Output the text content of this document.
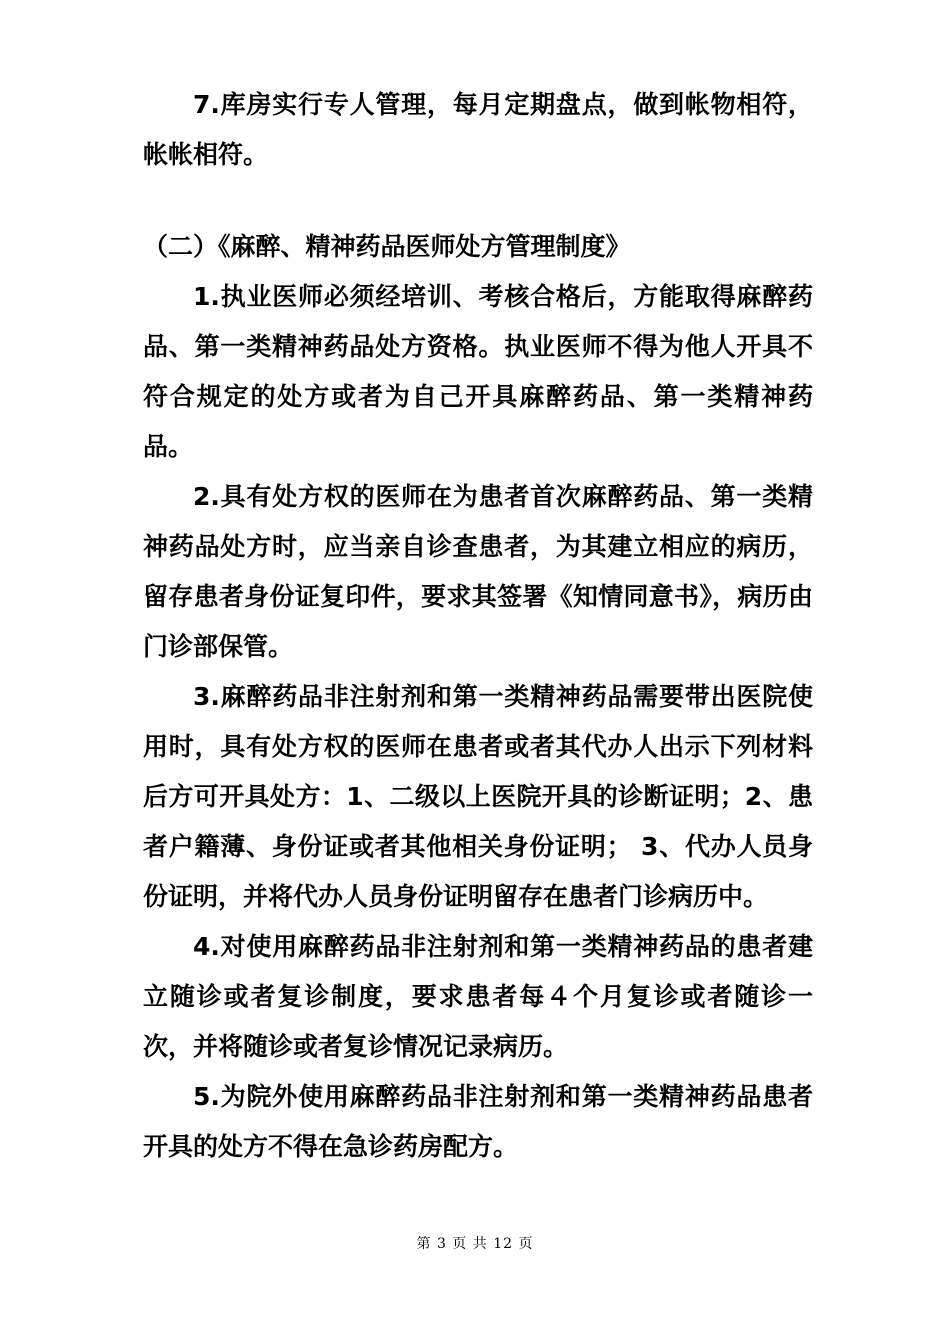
7.库房实行专人管理，每月定期盘点，做到帐物相符，帐帐相符。

（二）《麻醉、精神药品医师处方管理制度》

1.执业医师必须经培训、考核合格后，方能取得麻醉药品、第一类精神药品处方资格。执业医师不得为他人开具不符合规定的处方或者为自己开具麻醉药品、第一类精神药品。

2.具有处方权的医师在为患者首次麻醉药品、第一类精神药品处方时，应当亲自诊查患者，为其建立相应的病历，留存患者身份证复印件，要求其签署《知情同意书》，病历由门诊部保管。

3.麻醉药品非注射剂和第一类精神药品需要带出医院使用时，具有处方权的医师在患者或者其代办人出示下列材料后方可开具处方：1、二级以上医院开具的诊断证明；2、患者户籍薄、身份证或者其他相关身份证明； 3、代办人员身份证明，并将代办人员身份证明留存在患者门诊病历中。

4.对使用麻醉药品非注射剂和第一类精神药品的患者建立随诊或者复诊制度，要求患者每４个月复诊或者随诊一次，并将随诊或者复诊情况记录病历。

5.为院外使用麻醉药品非注射剂和第一类精神药品患者开具的处方不得在急诊药房配方。

第 3 页 共 12 页
